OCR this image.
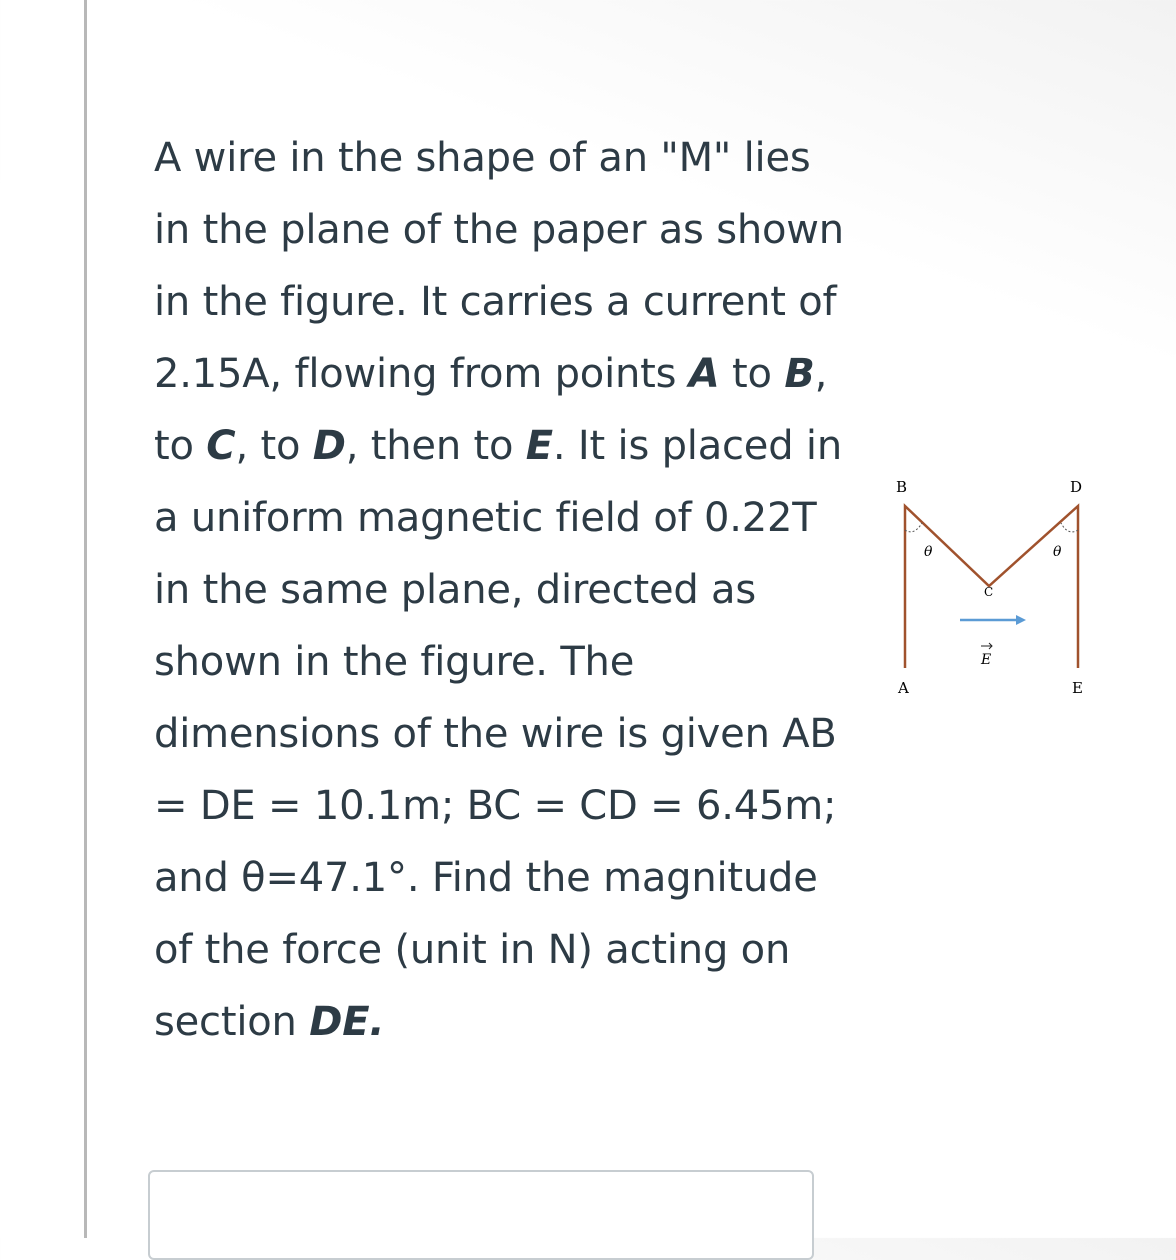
A wire in the shape of an "M" lies
in the plane of the paper as shown
in the figure. It carries a current of
2.15A, flowing from points A to B,
to C, to D, then to E. It is placed in
a uniform magnetic field of 0.22T
in the same plane, directed as
shown in the figure. The
dimensions of the wire is given AB
= DE = 10.1m; BC = CD = 6.45m;
and θ=47.1°. Find the magnitude
of the force (unit in N) acting on
section DE.
B	D
C
A	E
θ	θ
E
